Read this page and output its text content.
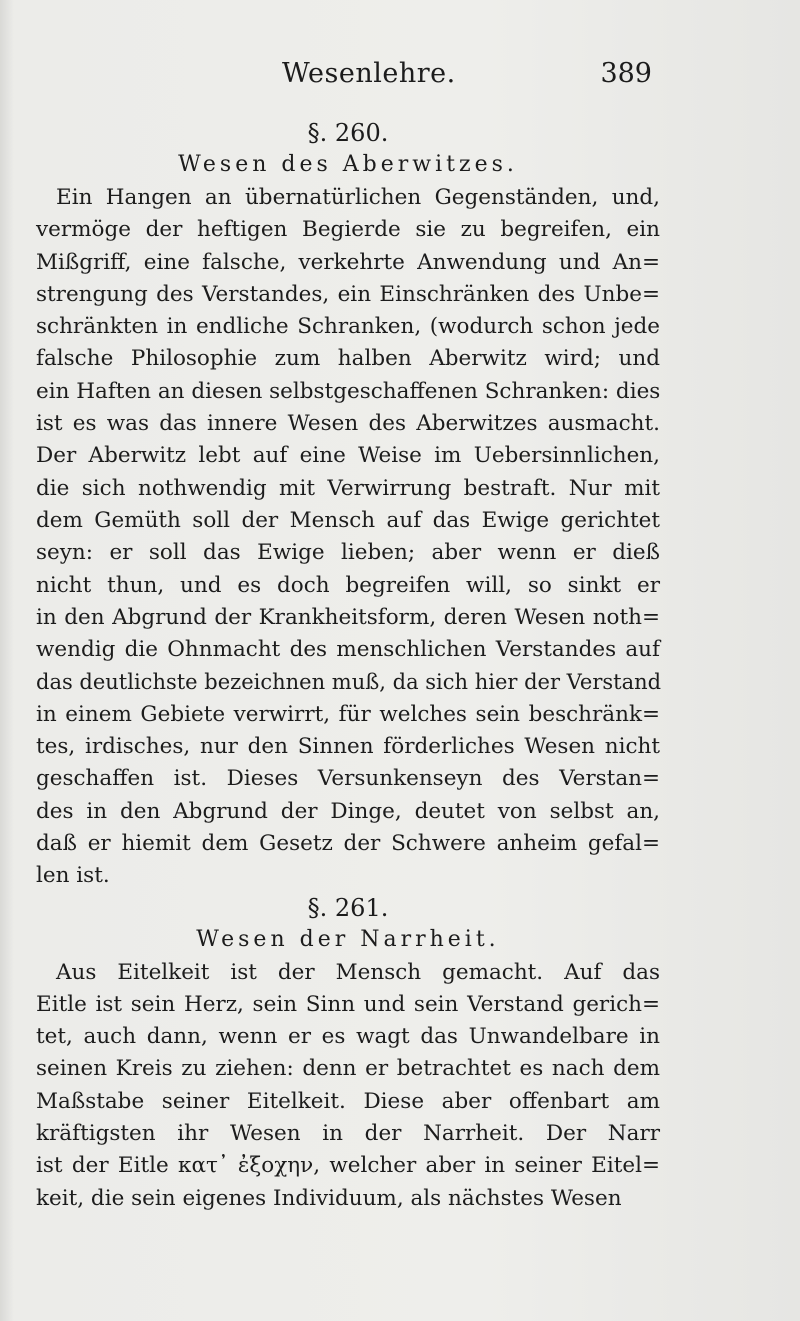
Wesenlehre.	389
§. 260.
Wesen des Aberwitzes.
Ein Hangen an übernatürlichen Gegenständen, und,
vermöge der heftigen Begierde sie zu begreifen, ein
Mißgriff, eine falsche, verkehrte Anwendung und An=
strengung des Verstandes, ein Einschränken des Unbe=
schränkten in endliche Schranken, (wodurch schon jede
falsche Philosophie zum halben Aberwitz wird; und
ein Haften an diesen selbstgeschaffenen Schranken: dies
ist es was das innere Wesen des Aberwitzes ausmacht.
Der Aberwitz lebt auf eine Weise im Uebersinnlichen,
die sich nothwendig mit Verwirrung bestraft. Nur mit
dem Gemüth soll der Mensch auf das Ewige gerichtet
seyn: er soll das Ewige lieben; aber wenn er dieß
nicht thun, und es doch begreifen will, so sinkt er
in den Abgrund der Krankheitsform, deren Wesen noth=
wendig die Ohnmacht des menschlichen Verstandes auf
das deutlichste bezeichnen muß, da sich hier der Verstand
in einem Gebiete verwirrt, für welches sein beschränk=
tes, irdisches, nur den Sinnen förderliches Wesen nicht
geschaffen ist. Dieses Versunkenseyn des Verstan=
des in den Abgrund der Dinge, deutet von selbst an,
daß er hiemit dem Gesetz der Schwere anheim gefal=
len ist.
§. 261.
Wesen der Narrheit.
Aus Eitelkeit ist der Mensch gemacht. Auf das
Eitle ist sein Herz, sein Sinn und sein Verstand gerich=
tet, auch dann, wenn er es wagt das Unwandelbare in
seinen Kreis zu ziehen: denn er betrachtet es nach dem
Maßstabe seiner Eitelkeit. Diese aber offenbart am
kräftigsten ihr Wesen in der Narrheit. Der Narr
ist der Eitle κατ᾽ ἐξοχην, welcher aber in seiner Eitel=
keit, die sein eigenes Individuum, als nächstes Wesen
